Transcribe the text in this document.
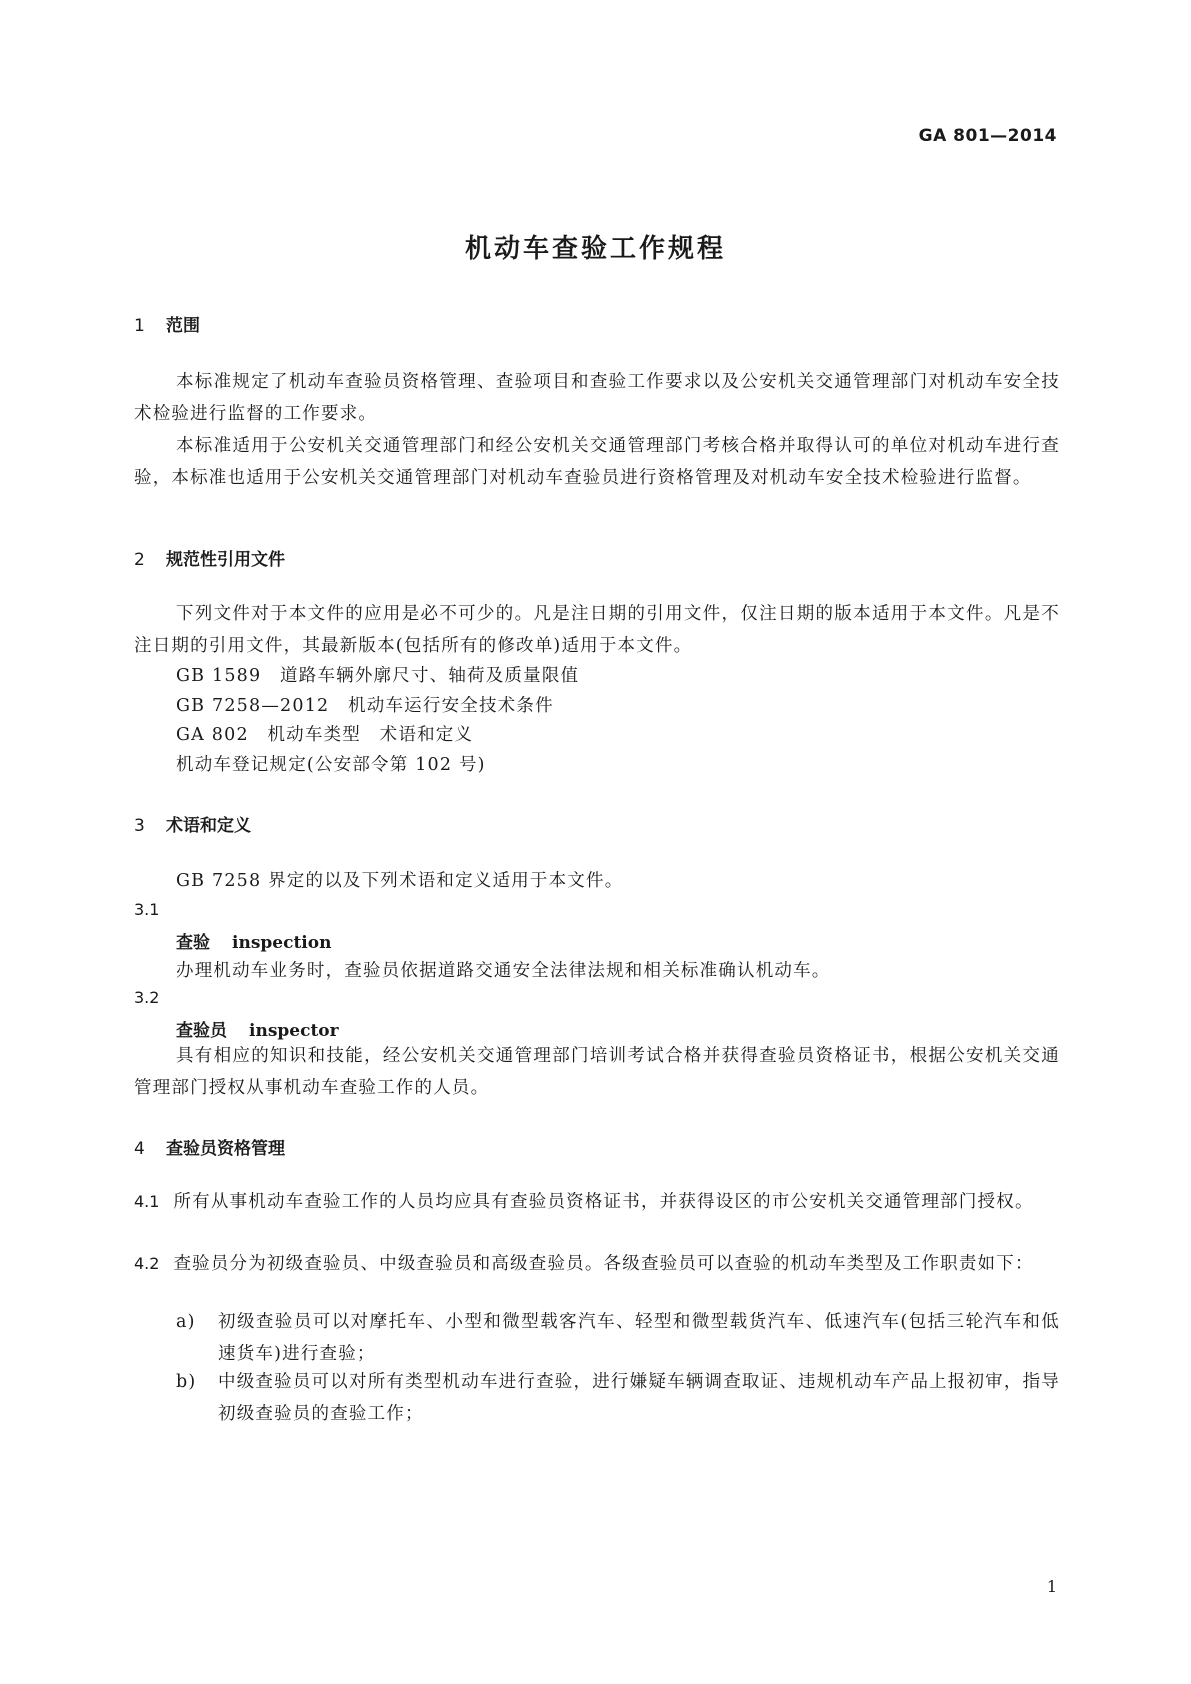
GA 801—2014
机动车查验工作规程
1 范围
本标准规定了机动车查验员资格管理、查验项目和查验工作要求以及公安机关交通管理部门对机动车安全技术检验进行监督的工作要求。
本标准适用于公安机关交通管理部门和经公安机关交通管理部门考核合格并取得认可的单位对机动车进行查验，本标准也适用于公安机关交通管理部门对机动车查验员进行资格管理及对机动车安全技术检验进行监督。
2 规范性引用文件
下列文件对于本文件的应用是必不可少的。凡是注日期的引用文件，仅注日期的版本适用于本文件。凡是不注日期的引用文件，其最新版本(包括所有的修改单)适用于本文件。
GB 1589　道路车辆外廓尺寸、轴荷及质量限值
GB 7258—2012　机动车运行安全技术条件
GA 802　机动车类型　术语和定义
机动车登记规定(公安部令第 102 号)
3 术语和定义
GB 7258 界定的以及下列术语和定义适用于本文件。
3.1
查验 inspection
办理机动车业务时，查验员依据道路交通安全法律法规和相关标准确认机动车。
3.2
查验员 inspector
具有相应的知识和技能，经公安机关交通管理部门培训考试合格并获得查验员资格证书，根据公安机关交通管理部门授权从事机动车查验工作的人员。
4 查验员资格管理
4.1 所有从事机动车查验工作的人员均应具有查验员资格证书，并获得设区的市公安机关交通管理部门授权。
4.2 查验员分为初级查验员、中级查验员和高级查验员。各级查验员可以查验的机动车类型及工作职责如下：
a) 初级查验员可以对摩托车、小型和微型载客汽车、轻型和微型载货汽车、低速汽车(包括三轮汽车和低速货车)进行查验；
b) 中级查验员可以对所有类型机动车进行查验，进行嫌疑车辆调查取证、违规机动车产品上报初审，指导初级查验员的查验工作；
1
